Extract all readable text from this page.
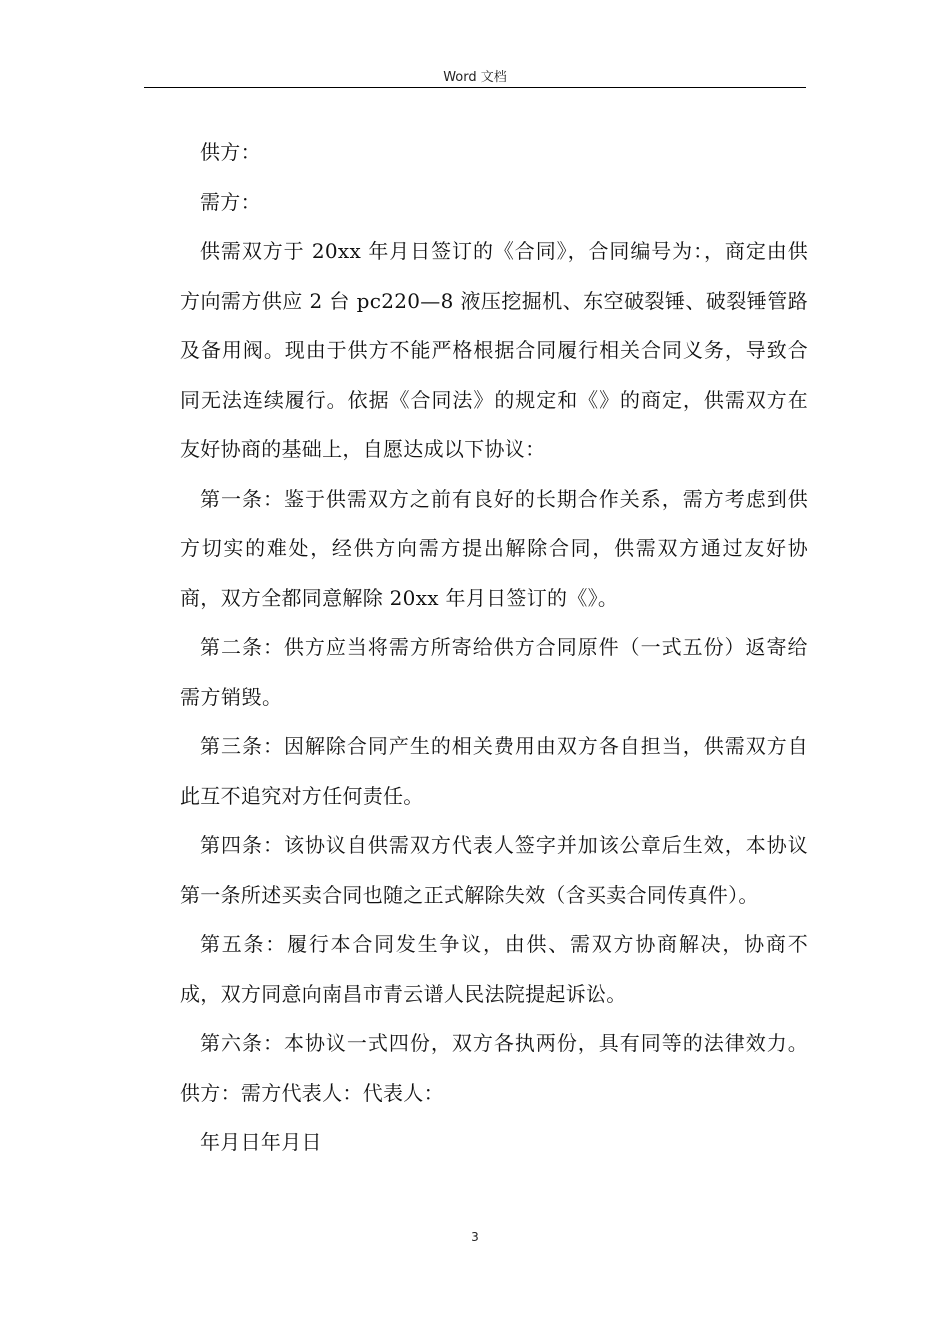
Word 文档

供方：

需方：

供需双方于 20xx 年月日签订的《合同》，合同编号为：，商定由供方向需方供应 2 台 pc220—8 液压挖掘机、东空破裂锤、破裂锤管路及备用阀。现由于供方不能严格根据合同履行相关合同义务，导致合同无法连续履行。依据《合同法》的规定和《》的商定，供需双方在友好协商的基础上，自愿达成以下协议：

第一条：鉴于供需双方之前有良好的长期合作关系，需方考虑到供方切实的难处，经供方向需方提出解除合同，供需双方通过友好协商，双方全都同意解除 20xx 年月日签订的《》。

第二条：供方应当将需方所寄给供方合同原件（一式五份）返寄给需方销毁。

第三条：因解除合同产生的相关费用由双方各自担当，供需双方自此互不追究对方任何责任。

第四条：该协议自供需双方代表人签字并加该公章后生效，本协议第一条所述买卖合同也随之正式解除失效（含买卖合同传真件）。

第五条：履行本合同发生争议，由供、需双方协商解决，协商不成，双方同意向南昌市青云谱人民法院提起诉讼。

第六条：本协议一式四份，双方各执两份，具有同等的法律效力。供方：需方代表人：代表人：

年月日年月日

3
